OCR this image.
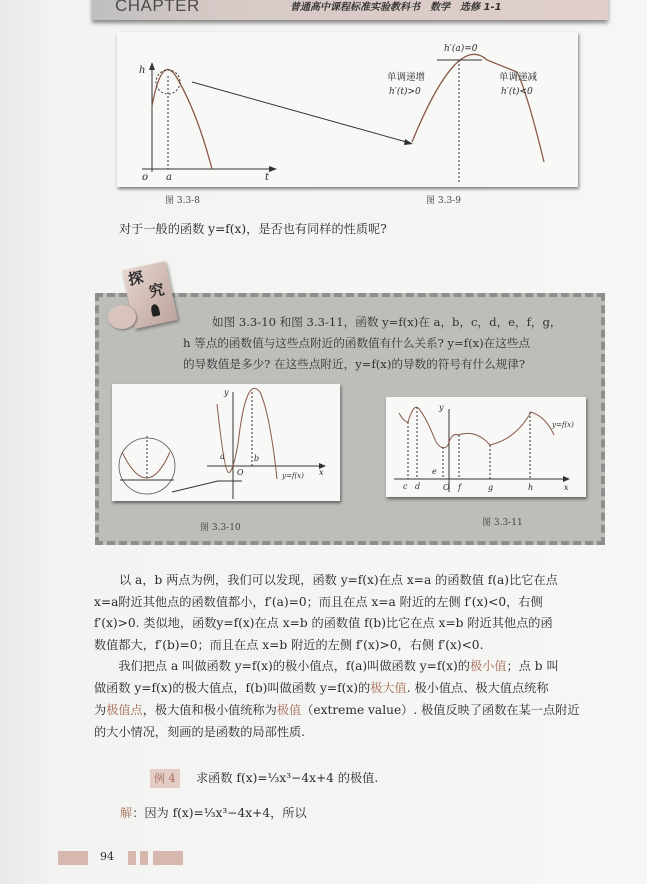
CHAPTER	普通高中课程标准实验教科书　数学　选修 1-1
h
o a	t
h′(a)=0
单调递增
h′(t)>0
单调递减
h′(t)<0
图 3.3-8	图 3.3-9
对于一般的函数 y=f(x)，是否也有同样的性质呢?
探
究
如图 3.3-10 和图 3.3-11，函数 y=f(x)在 a，b，c，d，e，f，g，
h 等点的函数值与这些点附近的函数值有什么关系? y=f(x)在这些点
的导数值是多少? 在这些点附近，y=f(x)的导数的符号有什么规律?
y
x
a	b
O	y=f(x)
图 3.3-10
y
x
c d
e
O f	g	h
y=f(x)
图 3.3-11
以 a，b 两点为例，我们可以发现，函数 y=f(x)在点 x=a 的函数值 f(a)比它在点
x=a附近其他点的函数值都小，f′(a)=0；而且在点 x=a 附近的左侧 f′(x)<0，右侧
f′(x)>0. 类似地，函数y=f(x)在点 x=b 的函数值 f(b)比它在点 x=b 附近其他点的函
数值都大，f′(b)=0；而且在点 x=b 附近的左侧 f′(x)>0，右侧 f′(x)<0.
　　我们把点 a 叫做函数 y=f(x)的极小值点，f(a)叫做函数 y=f(x)的极小值；点 b 叫
做函数 y=f(x)的极大值点，f(b)叫做函数 y=f(x)的极大值. 极小值点、极大值点统称
为极值点，极大值和极小值统称为极值（extreme value）. 极值反映了函数在某一点附近
的大小情况，刻画的是函数的局部性质.
例 4	求函数 f(x)=⅓x³−4x+4 的极值.
解：因为 f(x)=⅓x³−4x+4，所以
94
